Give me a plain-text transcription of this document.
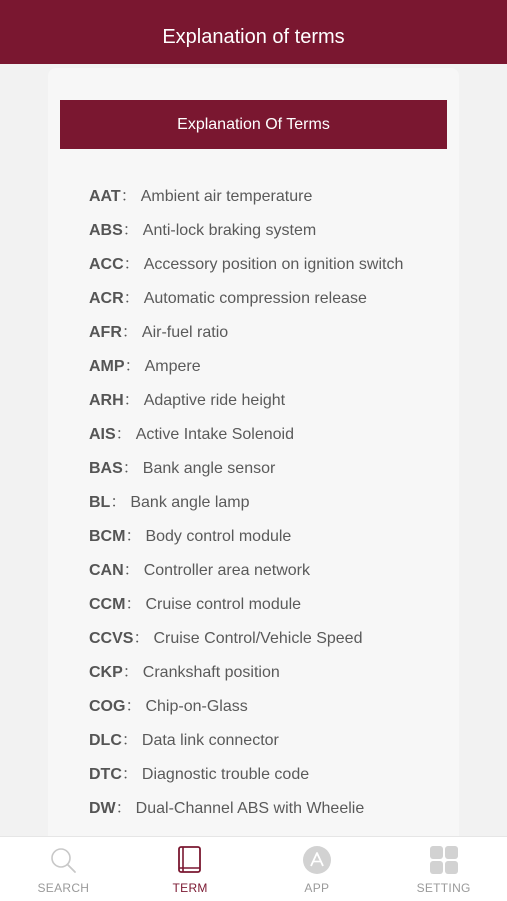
Explanation of terms
Explanation Of Terms
AAT： Ambient air temperature
ABS： Anti-lock braking system
ACC： Accessory position on ignition switch
ACR： Automatic compression release
AFR： Air-fuel ratio
AMP： Ampere
ARH： Adaptive ride height
AIS： Active Intake Solenoid
BAS： Bank angle sensor
BL： Bank angle lamp
BCM： Body control module
CAN： Controller area network
CCM： Cruise control module
CCVS： Cruise Control/Vehicle Speed
CKP： Crankshaft position
COG： Chip-on-Glass
DLC： Data link connector
DTC： Diagnostic trouble code
DW： Dual-Channel ABS with Wheelie
SEARCH	TERM	APP	SETTING
